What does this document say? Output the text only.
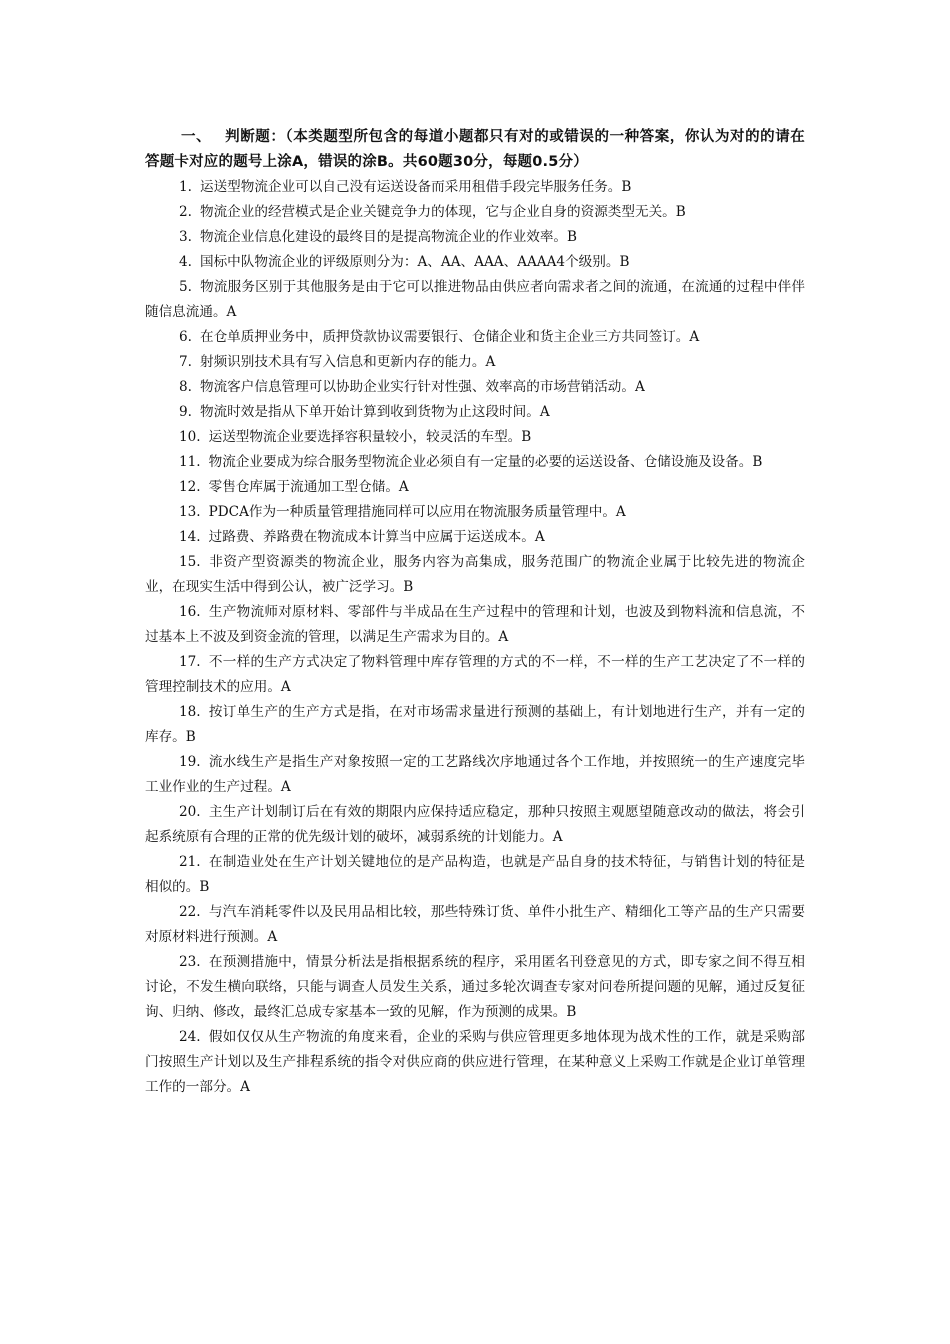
一、 判断题：（本类题型所包含的每道小题都只有对的或错误的一种答案，你认为对的的请在答题卡对应的题号上涂A，错误的涂B。共60题30分，每题0.5分）

1. 运送型物流企业可以自己没有运送设备而采用租借手段完毕服务任务。B

2. 物流企业的经营模式是企业关键竞争力的体现，它与企业自身的资源类型无关。B

3. 物流企业信息化建设的最终目的是提高物流企业的作业效率。B

4. 国标中队物流企业的评级原则分为：A、AA、AAA、AAAA4个级别。B

5. 物流服务区别于其他服务是由于它可以推进物品由供应者向需求者之间的流通，在流通的过程中伴伴随信息流通。A

6. 在仓单质押业务中，质押贷款协议需要银行、仓储企业和货主企业三方共同签订。A

7. 射频识别技术具有写入信息和更新内存的能力。A

8. 物流客户信息管理可以协助企业实行针对性强、效率高的市场营销活动。A

9. 物流时效是指从下单开始计算到收到货物为止这段时间。A

10. 运送型物流企业要选择容积量较小，较灵活的车型。B

11. 物流企业要成为综合服务型物流企业必须自有一定量的必要的运送设备、仓储设施及设备。B

12. 零售仓库属于流通加工型仓储。A

13. PDCA作为一种质量管理措施同样可以应用在物流服务质量管理中。A

14. 过路费、养路费在物流成本计算当中应属于运送成本。A

15. 非资产型资源类的物流企业，服务内容为高集成，服务范围广的物流企业属于比较先进的物流企业，在现实生活中得到公认，被广泛学习。B

16. 生产物流师对原材料、零部件与半成品在生产过程中的管理和计划，也波及到物料流和信息流，不过基本上不波及到资金流的管理，以满足生产需求为目的。A

17. 不一样的生产方式决定了物料管理中库存管理的方式的不一样，不一样的生产工艺决定了不一样的管理控制技术的应用。A

18. 按订单生产的生产方式是指，在对市场需求量进行预测的基础上，有计划地进行生产，并有一定的库存。B

19. 流水线生产是指生产对象按照一定的工艺路线次序地通过各个工作地，并按照统一的生产速度完毕工业作业的生产过程。A

20. 主生产计划制订后在有效的期限内应保持适应稳定，那种只按照主观愿望随意改动的做法，将会引起系统原有合理的正常的优先级计划的破坏，减弱系统的计划能力。A

21. 在制造业处在生产计划关键地位的是产品构造，也就是产品自身的技术特征，与销售计划的特征是相似的。B

22. 与汽车消耗零件以及民用品相比较，那些特殊订货、单件小批生产、精细化工等产品的生产只需要对原材料进行预测。A

23. 在预测措施中，情景分析法是指根据系统的程序，采用匿名刊登意见的方式，即专家之间不得互相讨论，不发生横向联络，只能与调查人员发生关系，通过多轮次调查专家对问卷所提问题的见解，通过反复征询、归纳、修改，最终汇总成专家基本一致的见解，作为预测的成果。B

24. 假如仅仅从生产物流的角度来看，企业的采购与供应管理更多地体现为战术性的工作，就是采购部门按照生产计划以及生产排程系统的指令对供应商的供应进行管理，在某种意义上采购工作就是企业订单管理工作的一部分。A
